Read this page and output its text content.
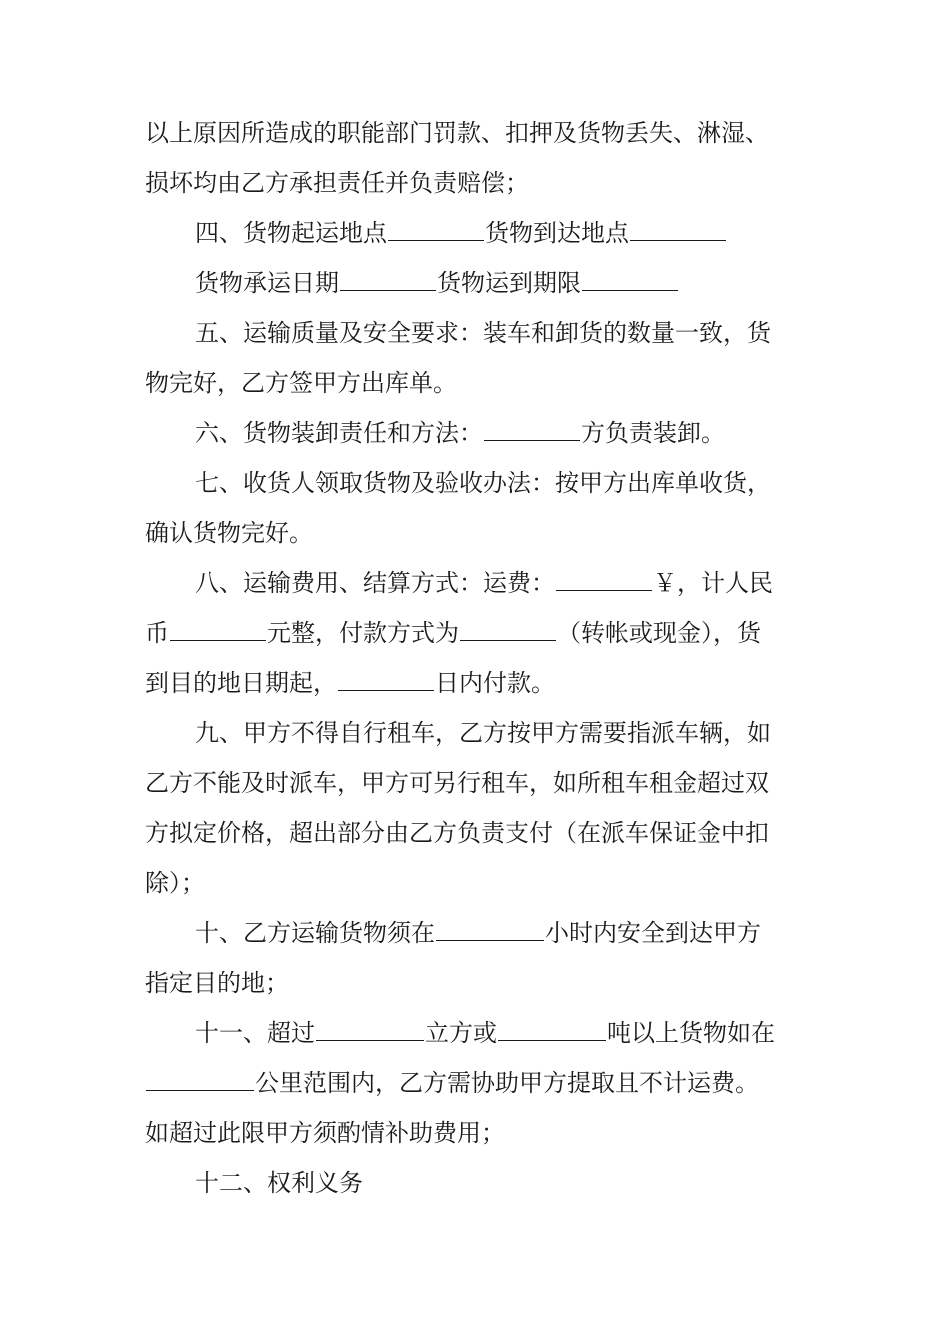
以上原因所造成的职能部门罚款、扣押及货物丢失、淋湿、
损坏均由乙方承担责任并负责赔偿；
四、货物起运地点	货物到达地点
货物承运日期	货物运到期限
五、运输质量及安全要求：装车和卸货的数量一致，货
物完好，乙方签甲方出库单。
六、货物装卸责任和方法：	方负责装卸。
七、收货人领取货物及验收办法：按甲方出库单收货，
确认货物完好。
八、运输费用、结算方式：运费：	￥，计人民
币	元整，付款方式为	（转帐或现金），货
到目的地日期起，	日内付款。
九、甲方不得自行租车，乙方按甲方需要指派车辆，如
乙方不能及时派车，甲方可另行租车，如所租车租金超过双
方拟定价格，超出部分由乙方负责支付（在派车保证金中扣
除）；
十、乙方运输货物须在	小时内安全到达甲方
指定目的地；
十一、超过	立方或	吨以上货物如在
公里范围内，乙方需协助甲方提取且不计运费。
如超过此限甲方须酌情补助费用；
十二、权利义务
